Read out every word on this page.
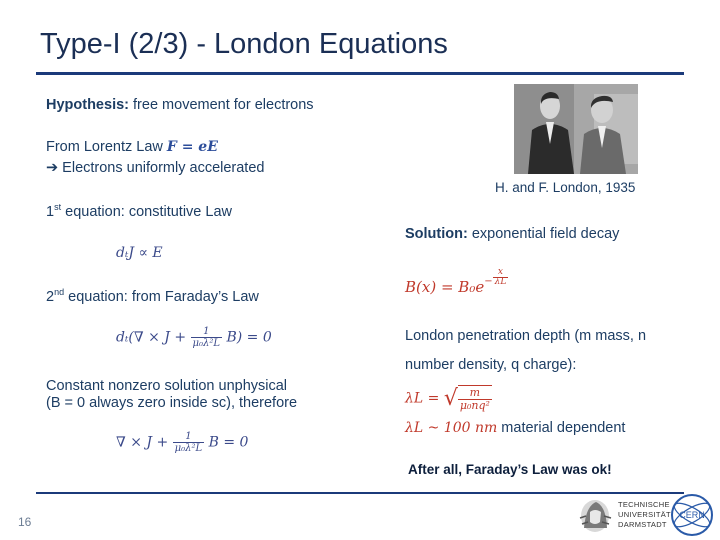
Type-I (2/3) - London Equations
Hypothesis: free movement for electrons
From Lorentz Law F = eE
➔ Electrons uniformly accelerated
1st equation: constitutive Law
dₜJ ∝ E
2nd equation: from Faraday’s Law
$d_t(\nabla \times J + \frac{1}{\text{μ₀λ²L}} B) = 0$
Constant nonzero solution unphysical
(B = 0 always zero inside sc), therefore
∇ × $J + \frac{1}{\text{μ₀λ²L}}$ B = 0
H. and F. London, 1935
Solution: exponential field decay
$B(x) = B_0e^- \frac{x}{\lambda L}$
London penetration depth (m mass, n
number density, q charge):
λL = √ $\frac{m}{\text{μ₀nq²}}$
λL ~ 100 nm material dependent
After all, Faraday’s Law was ok!
16
TECHNISCHE
UNIVERSITÄT
DARMSTADT
CERN
